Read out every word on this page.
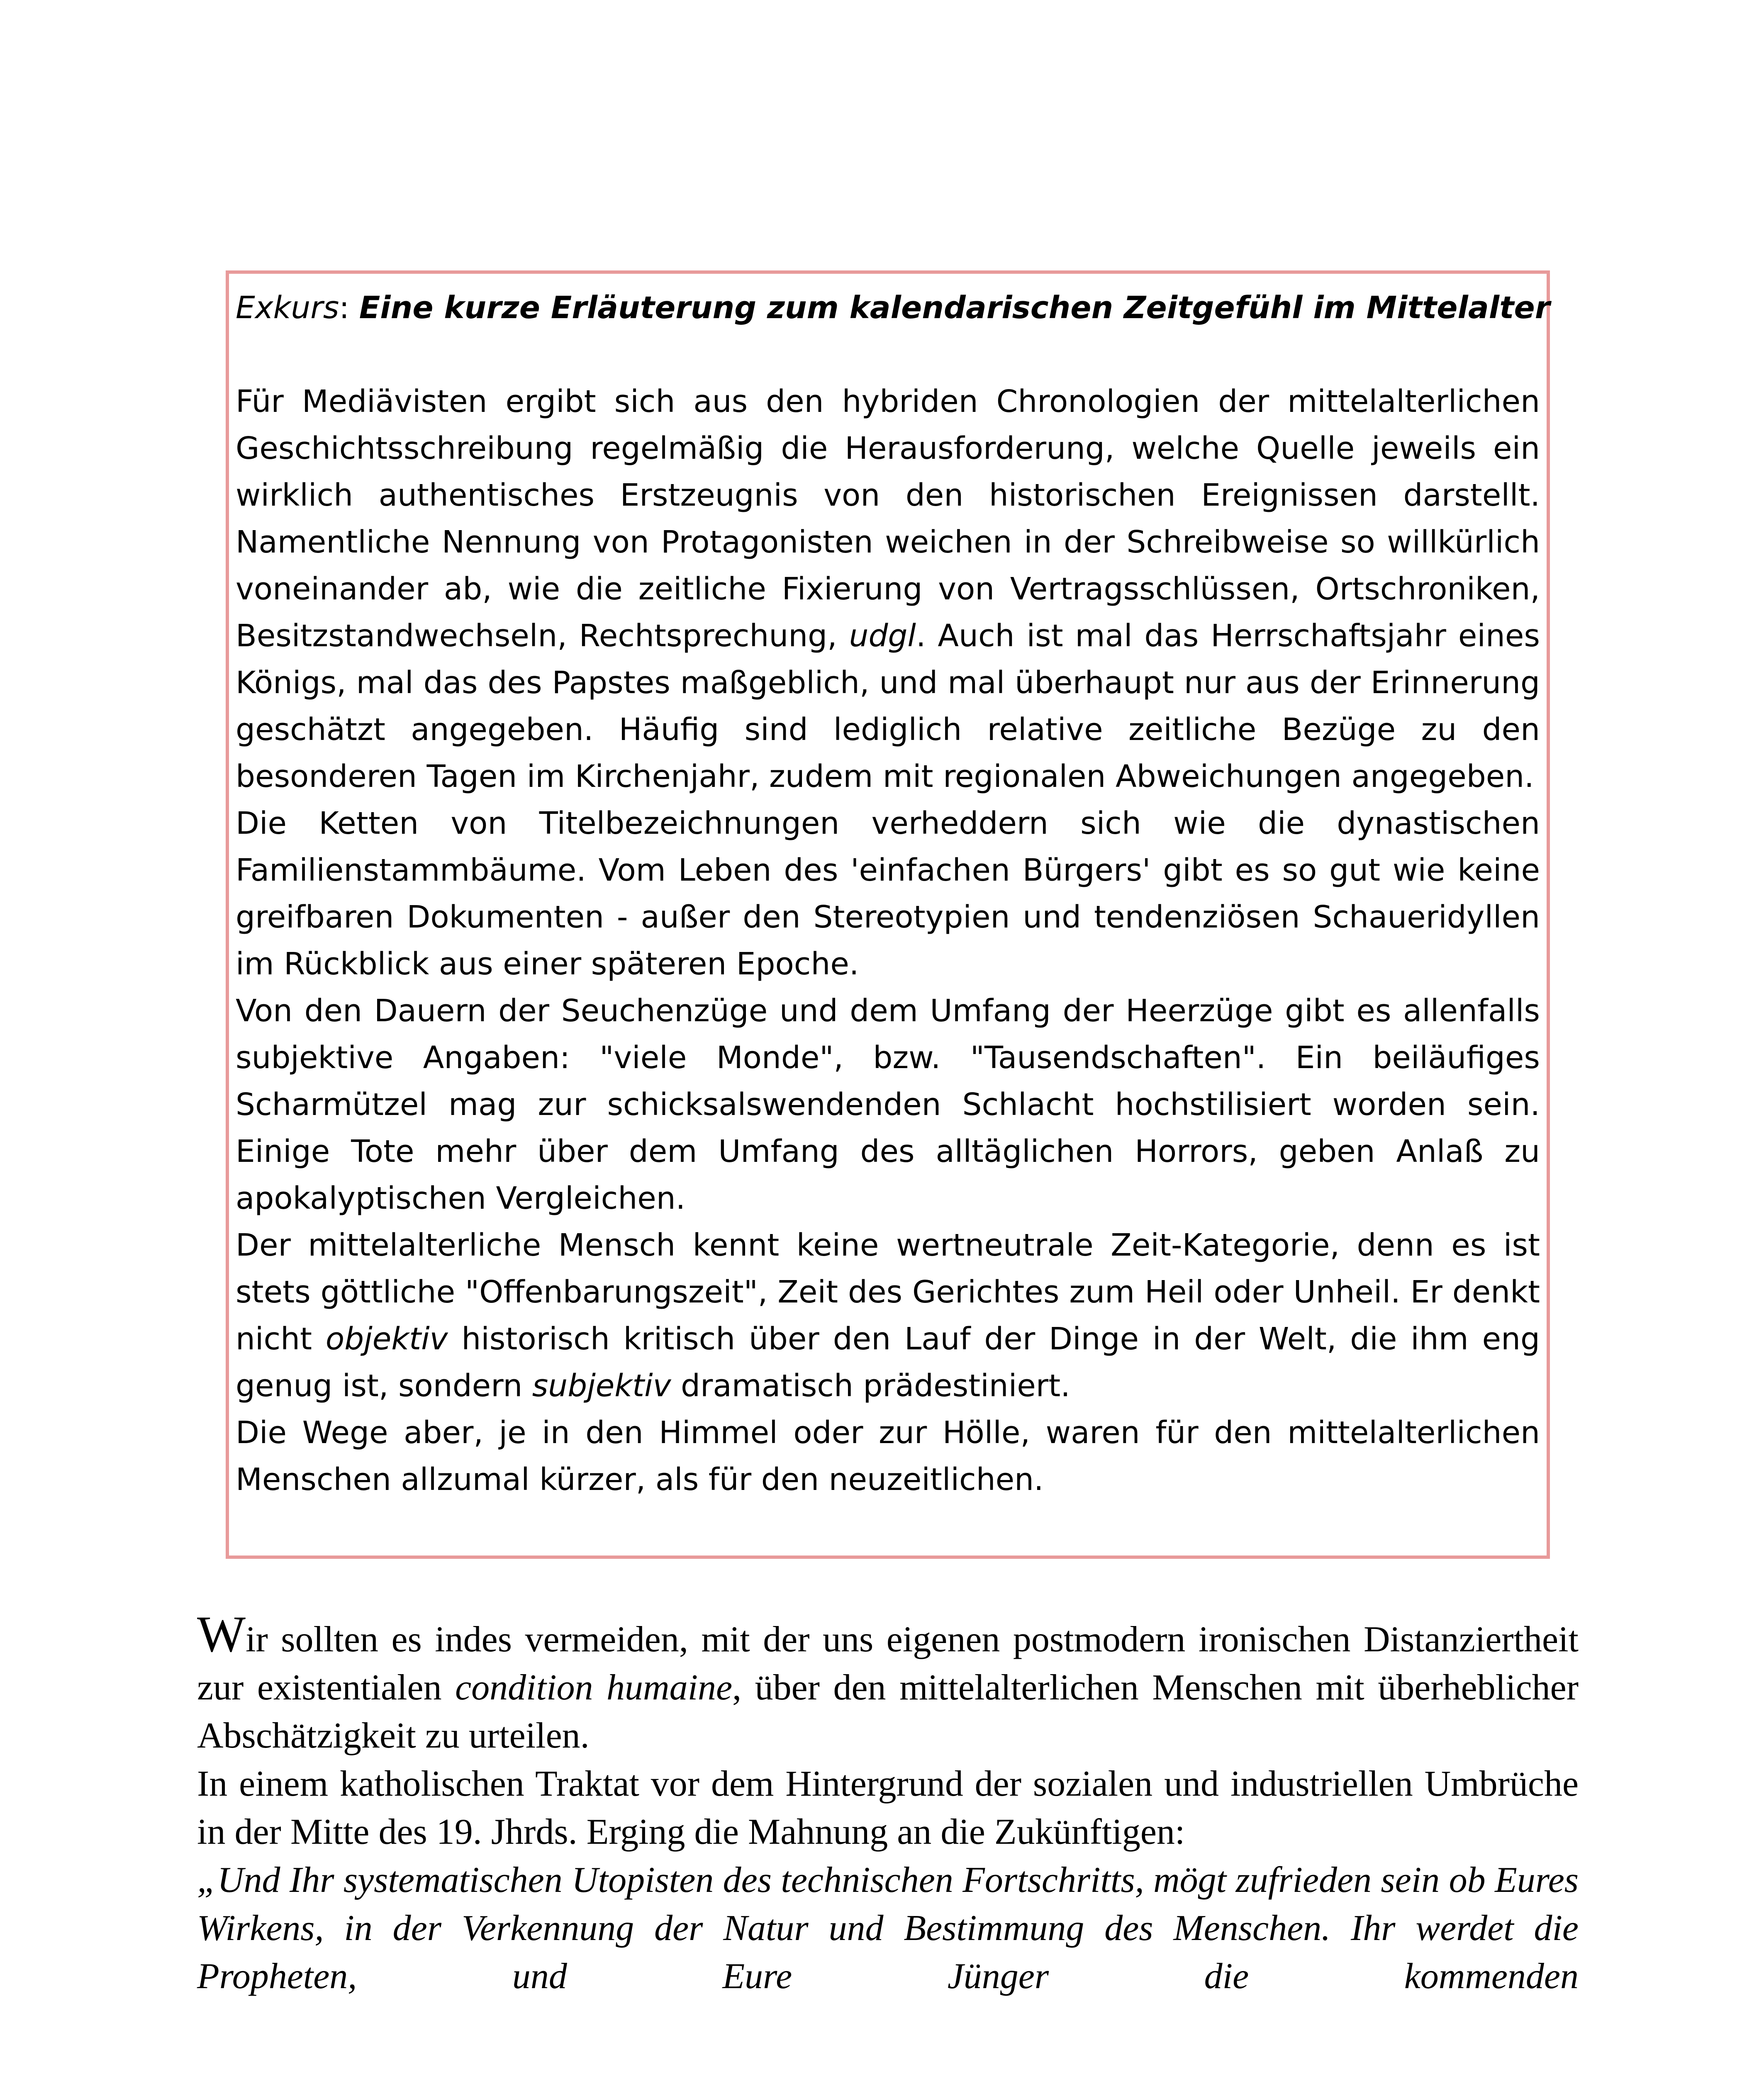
Exkurs: Eine kurze Erläuterung zum kalendarischen Zeitgefühl im Mittelalter

Für Mediävisten ergibt sich aus den hybriden Chronologien der mittelalterlichen Geschichtsschreibung regelmäßig die Herausforderung, welche Quelle jeweils ein wirklich authentisches Erstzeugnis von den historischen Ereignissen darstellt. Namentliche Nennung von Protagonisten weichen in der Schreibweise so willkürlich voneinander ab, wie die zeitliche Fixierung von Vertragsschlüssen, Ortschroniken, Besitzstandwechseln, Rechtsprechung, udgl. Auch ist mal das Herrschaftsjahr eines Königs, mal das des Papstes maßgeblich, und mal überhaupt nur aus der Erinnerung geschätzt angegeben. Häufig sind lediglich relative zeitliche Bezüge zu den besonderen Tagen im Kirchenjahr, zudem mit regionalen Abweichungen angegeben.

Die Ketten von Titelbezeichnungen verheddern sich wie die dynastischen Familienstammbäume. Vom Leben des 'einfachen Bürgers' gibt es so gut wie keine greifbaren Dokumenten - außer den Stereotypien und tendenziösen Schaueridyllen im Rückblick aus einer späteren Epoche.

Von den Dauern der Seuchenzüge und dem Umfang der Heerzüge gibt es allenfalls subjektive Angaben: "viele Monde", bzw. "Tausendschaften". Ein beiläufiges Scharmützel mag zur schicksalswendenden Schlacht hochstilisiert worden sein. Einige Tote mehr über dem Umfang des alltäglichen Horrors, geben Anlaß zu apokalyptischen Vergleichen.

Der mittelalterliche Mensch kennt keine wertneutrale Zeit-Kategorie, denn es ist stets göttliche "Offenbarungszeit", Zeit des Gerichtes zum Heil oder Unheil. Er denkt nicht objektiv historisch kritisch über den Lauf der Dinge in der Welt, die ihm eng genug ist, sondern subjektiv dramatisch prädestiniert.

Die Wege aber, je in den Himmel oder zur Hölle, waren für den mittelalterlichen Menschen allzumal kürzer, als für den neuzeitlichen.

Wir sollten es indes vermeiden, mit der uns eigenen postmodern ironischen Distanziertheit zur existentialen condition humaine, über den mittelalterlichen Menschen mit überheblicher Abschätzigkeit zu urteilen.

In einem katholischen Traktat vor dem Hintergrund der sozialen und industriellen Umbrüche in der Mitte des 19. Jhrds. Erging die Mahnung an die Zukünftigen:

„Und Ihr systematischen Utopisten des technischen Fortschritts, mögt zufrieden sein ob Eures Wirkens, in der Verkennung der Natur und Bestimmung des Menschen. Ihr werdet die Propheten, und Eure Jünger die kommenden
